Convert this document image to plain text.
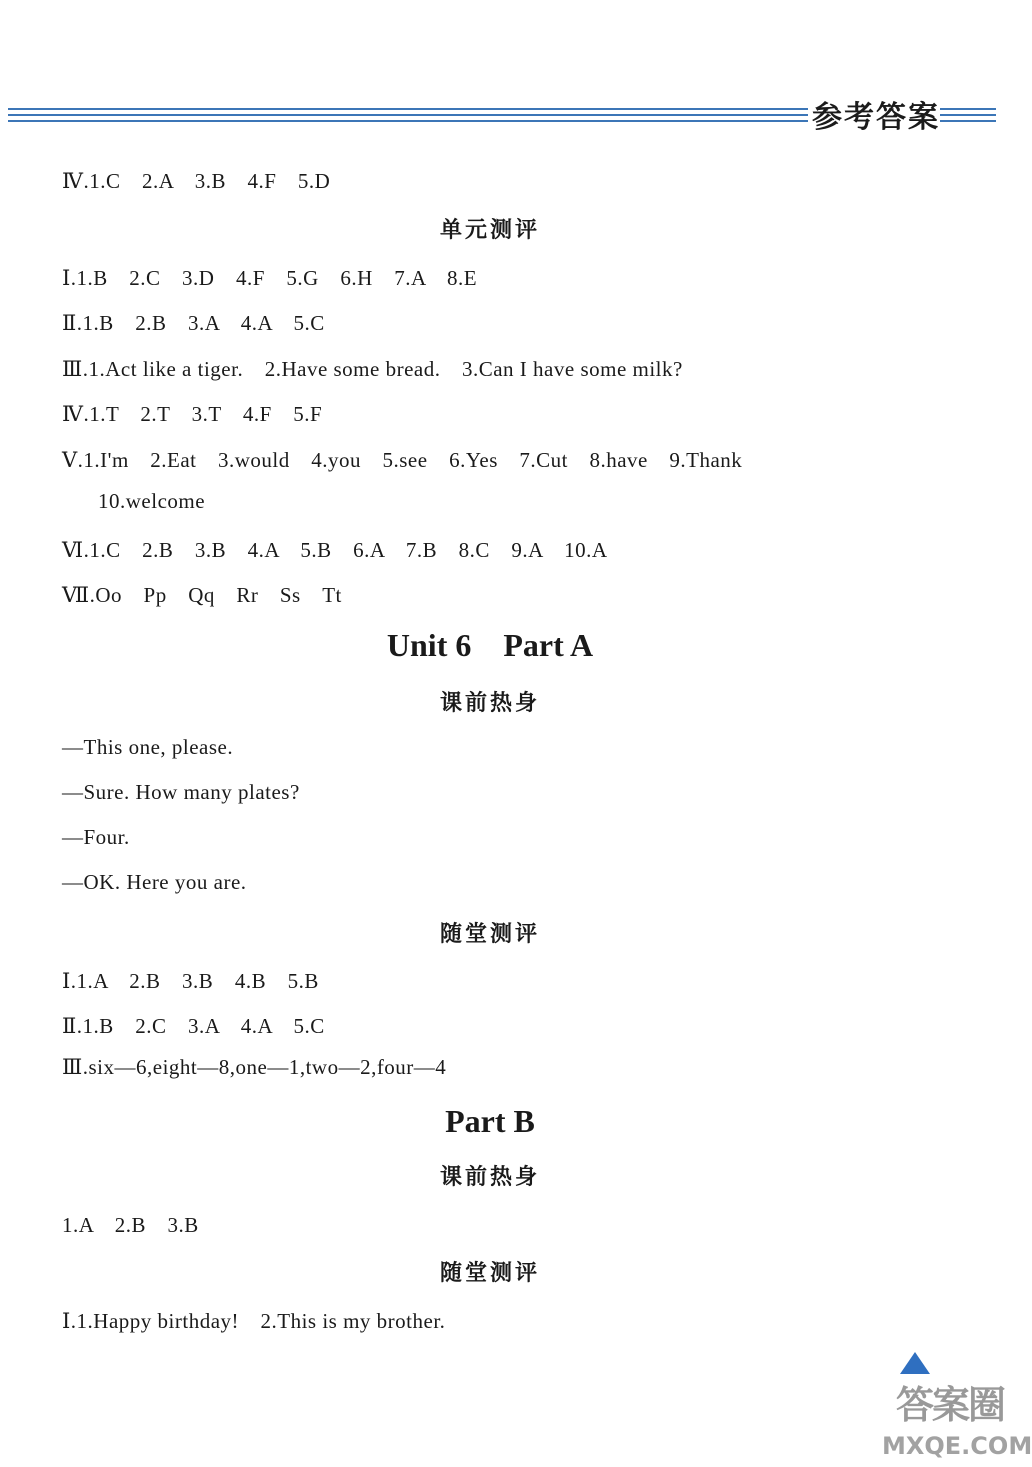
参考答案
Ⅳ.1.C　2.A　3.B　4.F　5.D
单元测评
Ⅰ.1.B　2.C　3.D　4.F　5.G　6.H　7.A　8.E
Ⅱ.1.B　2.B　3.A　4.A　5.C
Ⅲ.1.Act like a tiger.　2.Have some bread.　3.Can I have some milk?
Ⅳ.1.T　2.T　3.T　4.F　5.F
Ⅴ.1.I'm　2.Eat　3.would　4.you　5.see　6.Yes　7.Cut　8.have　9.Thank
10.welcome
Ⅵ.1.C　2.B　3.B　4.A　5.B　6.A　7.B　8.C　9.A　10.A
Ⅶ.Oo　Pp　Qq　Rr　Ss　Tt
Unit 6    Part A
课前热身
—This one, please.
—Sure. How many plates?
—Four.
—OK. Here you are.
随堂测评
Ⅰ.1.A　2.B　3.B　4.B　5.B
Ⅱ.1.B　2.C　3.A　4.A　5.C
Ⅲ.six—6,eight—8,one—1,two—2,four—4
Part B
课前热身
1.A　2.B　3.B
随堂测评
Ⅰ.1.Happy birthday!　2.This is my brother.
答案圈
MXQE.COM
